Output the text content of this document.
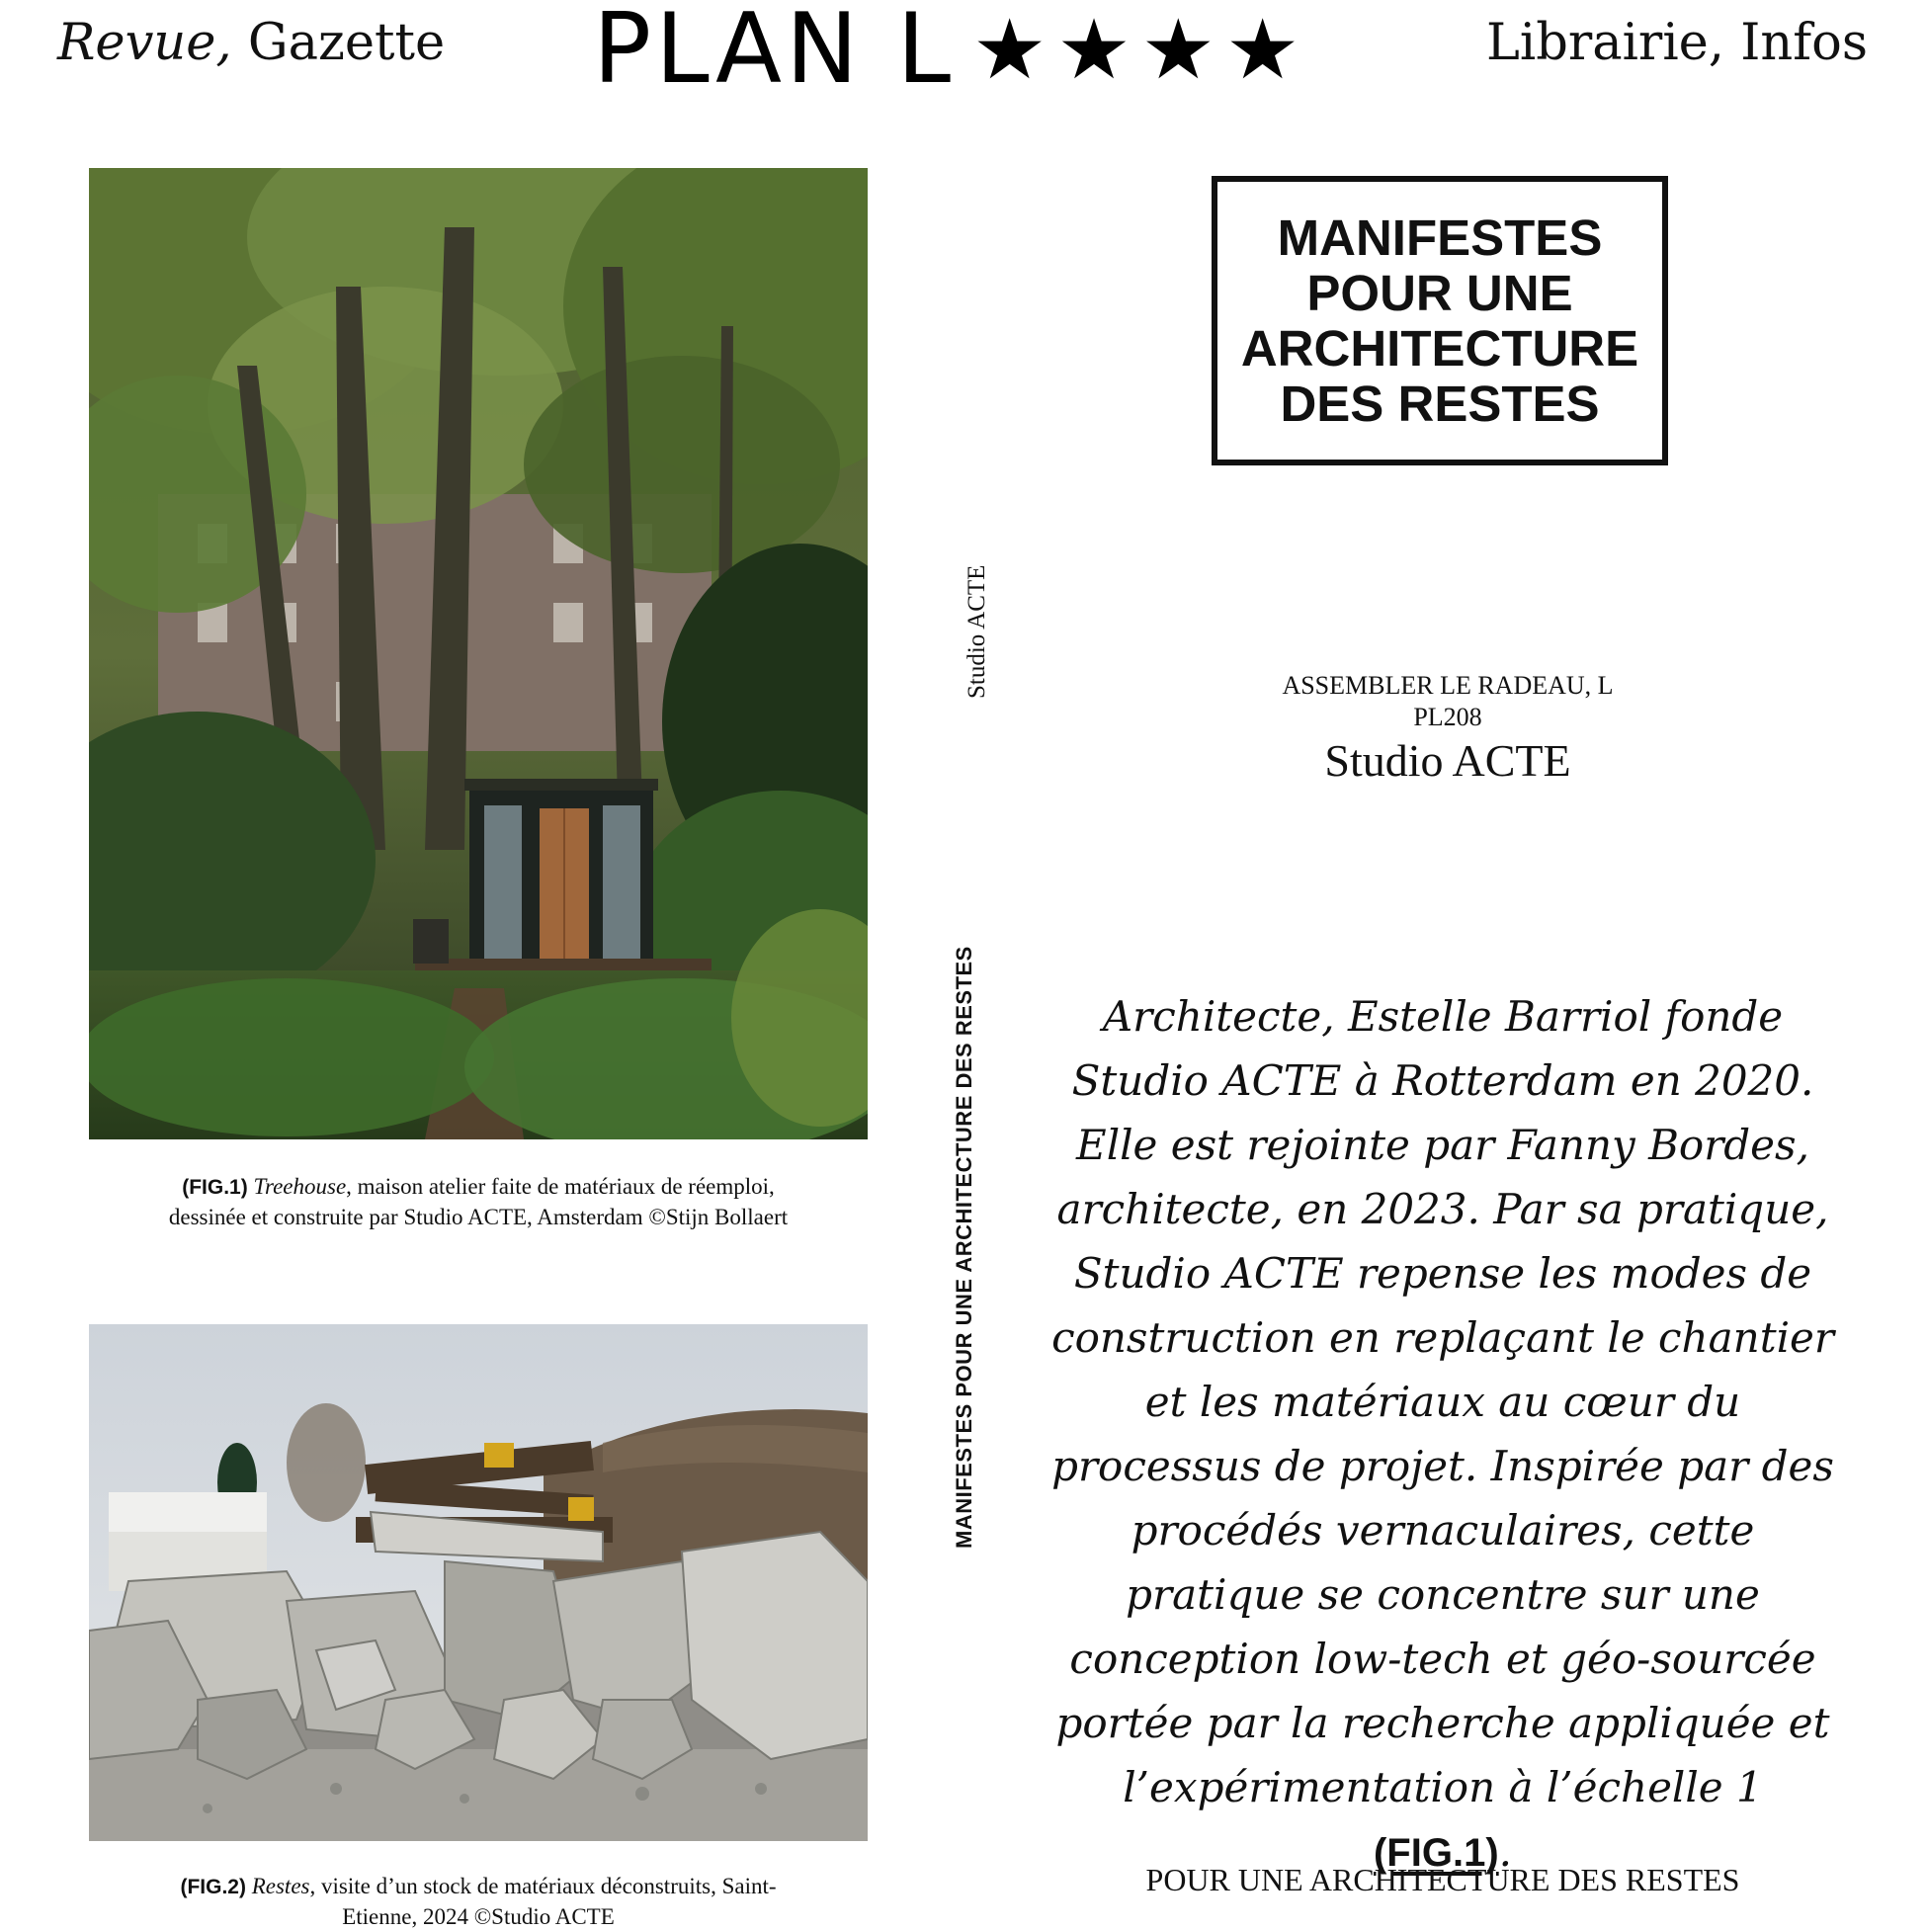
Revue, Gazette PLAN L ★★★★	Librairie, Infos

(FIG.1) Treehouse, maison atelier faite de matériaux de réemploi, dessinée et construite par Studio ACTE, Amsterdam ©Stijn Bollaert

(FIG.2) Restes, visite d’un stock de matériaux déconstruits, Saint-Etienne, 2024 ©Studio ACTE

Studio ACTE
MANIFESTES POUR UNE ARCHITECTURE DES RESTES
MANIFESTES POUR UNE ARCHITECTURE DES RESTES
ASSEMBLER LE RADEAU, L
PL208
Studio ACTE

Architecte, Estelle Barriol fonde Studio ACTE à Rotterdam en 2020. Elle est rejointe par Fanny Bordes, architecte, en 2023. Par sa pratique, Studio ACTE repense les modes de construction en replaçant le chantier et les matériaux au cœur du processus de projet. Inspirée par des procédés vernaculaires, cette pratique se concentre sur une conception low-tech et géo-sourcée portée par la recherche appliquée et l’expérimentation à l’échelle 1 (FIG.1).

POUR UNE ARCHITECTURE DES RESTES
